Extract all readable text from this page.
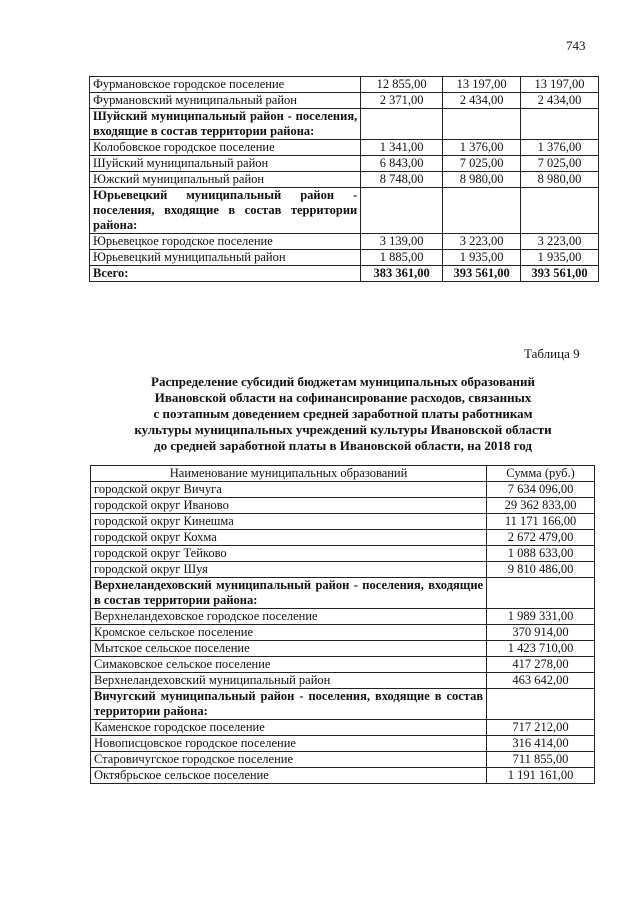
743
Фурмановское городское поселение	12 855,00	13 197,00	13 197,00
Фурмановский муниципальный район	2 371,00	2 434,00	2 434,00
Шуйский муниципальный район - поселения, входящие в состав территории района:			
Колобовское городское поселение	1 341,00	1 376,00	1 376,00
Шуйский муниципальный район	6 843,00	7 025,00	7 025,00
Южский муниципальный район	8 748,00	8 980,00	8 980,00
Юрьевецкий муниципальный район - поселения, входящие в состав территории района:			
Юрьевецкое городское поселение	3 139,00	3 223,00	3 223,00
Юрьевецкий муниципальный район	1 885,00	1 935,00	1 935,00
Всего:	383 361,00	393 561,00	393 561,00
Таблица 9
Распределение субсидий бюджетам муниципальных образований
Ивановской области на софинансирование расходов, связанных
с поэтапным доведением средней заработной платы работникам
культуры муниципальных учреждений культуры Ивановской области
до средней заработной платы в Ивановской области, на 2018 год
Наименование муниципальных образований	Сумма (руб.)
городской округ Вичуга	7 634 096,00
городской округ Иваново	29 362 833,00
городской округ Кинешма	11 171 166,00
городской округ Кохма	2 672 479,00
городской округ Тейково	1 088 633,00
городской округ Шуя	9 810 486,00
Верхнеландеховский муниципальный район - поселения, входящие в состав территории района:	
Верхнеландеховское городское поселение	1 989 331,00
Кромское сельское поселение	370 914,00
Мытское сельское поселение	1 423 710,00
Симаковское сельское поселение	417 278,00
Верхнеландеховский муниципальный район	463 642,00
Вичугский муниципальный район - поселения, входящие в состав территории района:	
Каменское городское поселение	717 212,00
Новописцовское городское поселение	316 414,00
Старовичугское городское поселение	711 855,00
Октябрьское сельское поселение	1 191 161,00
